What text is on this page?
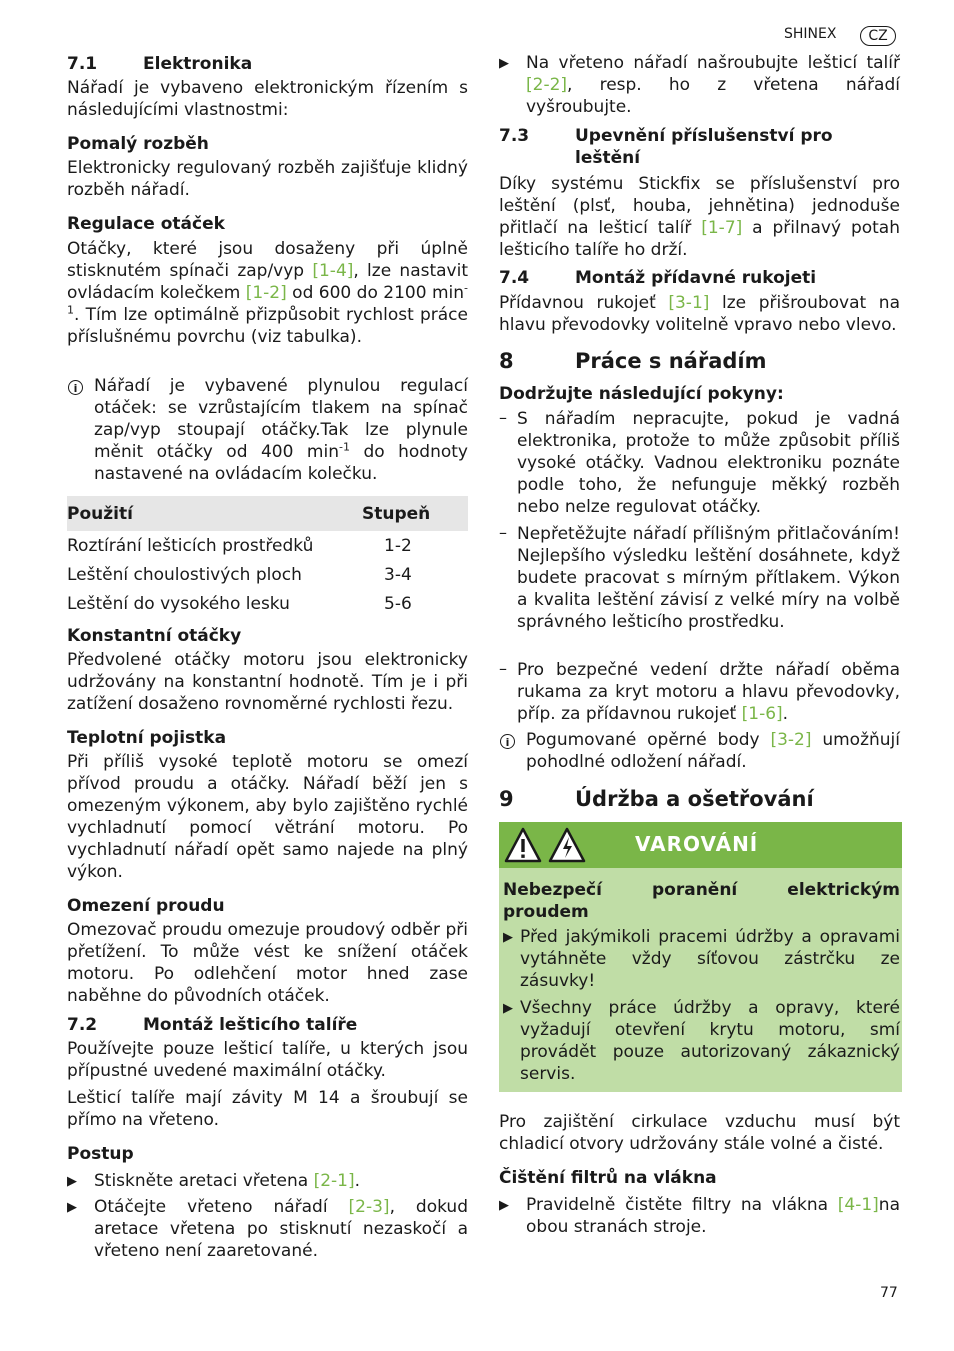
SHINEX	CZ
7.1	Elektronika

Nářadí je vybaveno elektronickým řízením s následujícími vlastnostmi:

Pomalý rozběh

Elektronicky regulovaný rozběh zajišťuje klidný rozběh nářadí.

Regulace otáček

Otáčky, které jsou dosaženy při úplně stisknutém spínači zap/vyp [1-4], lze nastavit ovládacím kolečkem [1-2] od 600 do 2100 $\min^{-1}$. Tím lze optimálně přizpůsobit rychlost práce příslušnému povrchu (viz tabulka).

i Nářadí je vybavené plynulou regulací otáček: se vzrůstajícím tlakem na spínač zap/vyp stoupají otáčky.Tak lze plynule měnit otáčky od 400 $\min^{-1}$ do hodnoty nastavené na ovládacím kolečku.

Použití	Stupeň
Roztírání lešticích prostředků	1-2
Leštění choulostivých ploch	3-4
Leštění do vysokého lesku	5-6
Konstantní otáčky

Předvolené otáčky motoru jsou elektronicky udržovány na konstantní hodnotě. Tím je i při zatížení dosaženo rovnoměrné rychlosti řezu.

Teplotní pojistka

Při příliš vysoké teplotě motoru se omezí přívod proudu a otáčky. Nářadí běží jen s omezeným výkonem, aby bylo zajištěno rychlé vychladnutí pomocí větrání motoru. Po vychladnutí nářadí opět samo najede na plný výkon.

Omezení proudu

Omezovač proudu omezuje proudový odběr při přetížení. To může vést ke snížení otáček motoru. Po odlehčení motor hned zase naběhne do původních otáček.

7.2	Montáž lešticího talíře

Používejte pouze lešticí talíře, u kterých jsou přípustné uvedené maximální otáčky.

Lešticí talíře mají závity M 14 a šroubují se přímo na vřeteno.

Postup
▶	Stiskněte aretaci vřetena [2-1].

▶	Otáčejte vřeteno nářadí [2-3], dokud aretace vřetena po stisknutí nezaskočí a vřeteno není zaaretované.

▶	Na vřeteno nářadí našroubujte lešticí talíř [2-2], resp. ho z vřetena nářadí vyšroubujte.

7.3	Upevnění příslušenství pro leštění

Díky systému Stickfix se příslušenství pro leštění (plsť, houba, jehnětina) jednoduše přitlačí na lešticí talíř [1-7] a přilnavý potah lešticího talíře ho drží.

7.4	Montáž přídavné rukojeti

Přídavnou rukojeť [3-1] lze přišroubovat na hlavu převodovky volitelně vpravo nebo vlevo.

8	Práce s nářadím
Dodržujte následující pokyny:
– S nářadím nepracujte, pokud je vadná elektronika, protože to může způsobit příliš vysoké otáčky. Vadnou elektroniku poznáte podle toho, že nefunguje měkký rozběh nebo nelze regulovat otáčky.

– Nepřetěžujte nářadí přílišným přitlačováním! Nejlepšího výsledku leštění dosáhnete, když budete pracovat s mírným přítlakem. Výkon a kvalita leštění závisí z velké míry na volbě správného lešticího prostředku.

– Pro bezpečné vedení držte nářadí oběma rukama za kryt motoru a hlavu převodovky, příp. za přídavnou rukojeť [1-6].

i Pogumované opěrné body [3-2] umožňují pohodlné odložení nářadí.

9	Údržba a ošetřování
VAROVÁNÍ
Nebezpečí poranění elektrickým proudem
▶ Před jakýmikoli pracemi údržby a opravami vytáhněte vždy síťovou zástrčku ze zásuvky!

▶ Všechny práce údržby a opravy, které vyžadují otevření krytu motoru, smí provádět pouze autorizovaný zákaznický servis.

Pro zajištění cirkulace vzduchu musí být chladicí otvory udržovány stále volné a čisté.

Čištění filtrů na vlákna
▶	Pravidelně čistěte filtry na vlákna [4-1]na obou stranách stroje.

77
